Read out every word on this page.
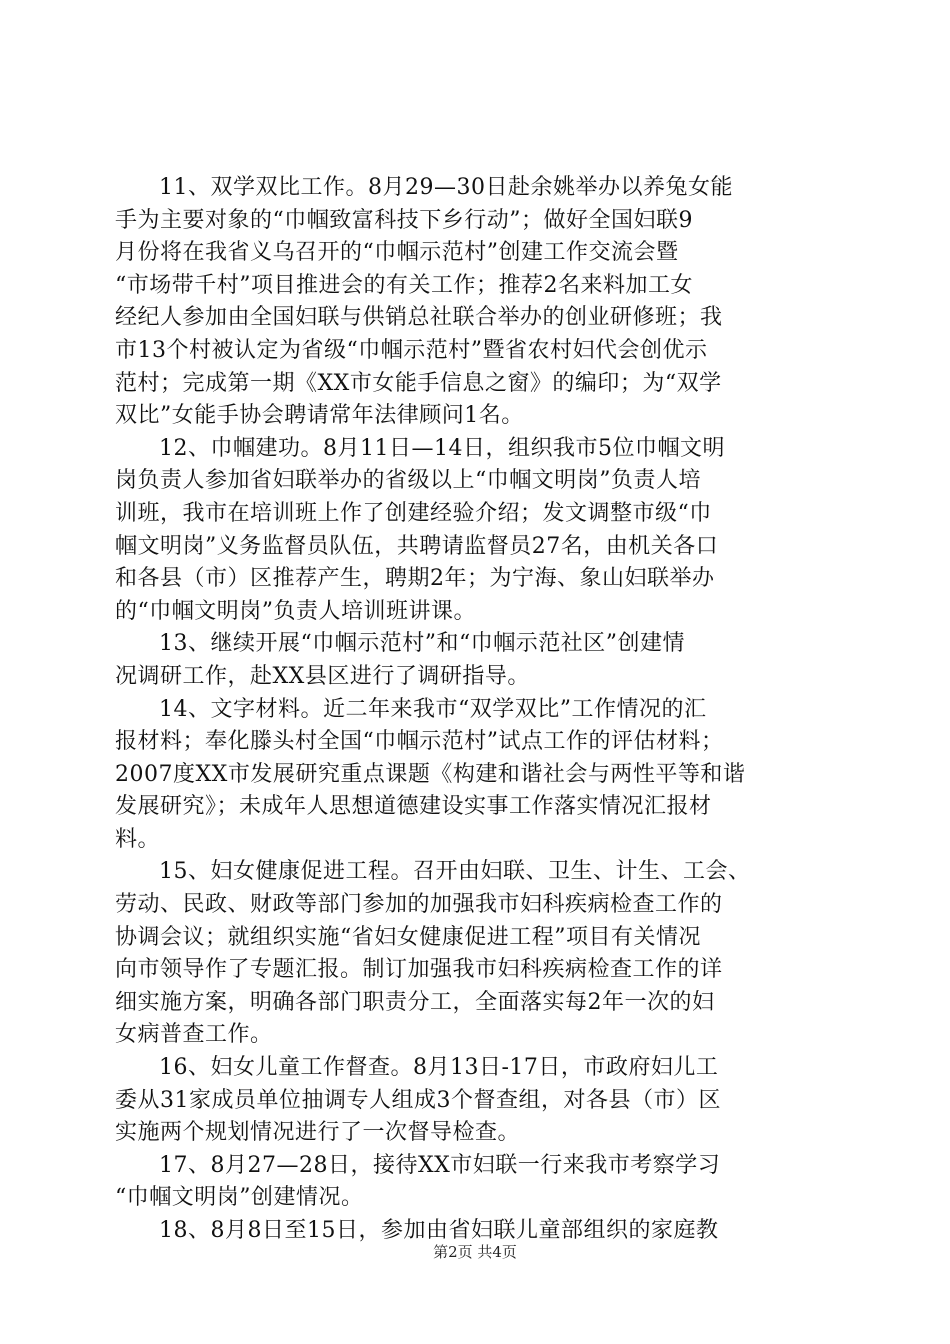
11、双学双比工作。8月29—30日赴余姚举办以养兔女能
手为主要对象的“巾帼致富科技下乡行动”；做好全国妇联9
月份将在我省义乌召开的“巾帼示范村”创建工作交流会暨
“市场带千村”项目推进会的有关工作；推荐2名来料加工女
经纪人参加由全国妇联与供销总社联合举办的创业研修班；我
市13个村被认定为省级“巾帼示范村”暨省农村妇代会创优示
范村；完成第一期《XX市女能手信息之窗》的编印；为“双学
双比”女能手协会聘请常年法律顾问1名。

12、巾帼建功。8月11日—14日，组织我市5位巾帼文明
岗负责人参加省妇联举办的省级以上“巾帼文明岗”负责人培
训班，我市在培训班上作了创建经验介绍；发文调整市级“巾
帼文明岗”义务监督员队伍，共聘请监督员27名，由机关各口
和各县（市）区推荐产生，聘期2年；为宁海、象山妇联举办
的“巾帼文明岗”负责人培训班讲课。

13、继续开展“巾帼示范村”和“巾帼示范社区”创建情
况调研工作，赴XX县区进行了调研指导。

14、文字材料。近二年来我市“双学双比”工作情况的汇
报材料；奉化滕头村全国“巾帼示范村”试点工作的评估材料；
2007度XX市发展研究重点课题《构建和谐社会与两性平等和谐
发展研究》；未成年人思想道德建设实事工作落实情况汇报材
料。

15、妇女健康促进工程。召开由妇联、卫生、计生、工会、
劳动、民政、财政等部门参加的加强我市妇科疾病检查工作的
协调会议；就组织实施“省妇女健康促进工程”项目有关情况
向市领导作了专题汇报。制订加强我市妇科疾病检查工作的详
细实施方案，明确各部门职责分工，全面落实每2年一次的妇
女病普查工作。

16、妇女儿童工作督查。8月13日-17日，市政府妇儿工
委从31家成员单位抽调专人组成3个督查组，对各县（市）区
实施两个规划情况进行了一次督导检查。

17、8月27—28日，接待XX市妇联一行来我市考察学习
“巾帼文明岗”创建情况。

18、8月8日至15日，参加由省妇联儿童部组织的家庭教

第2页 共4页
